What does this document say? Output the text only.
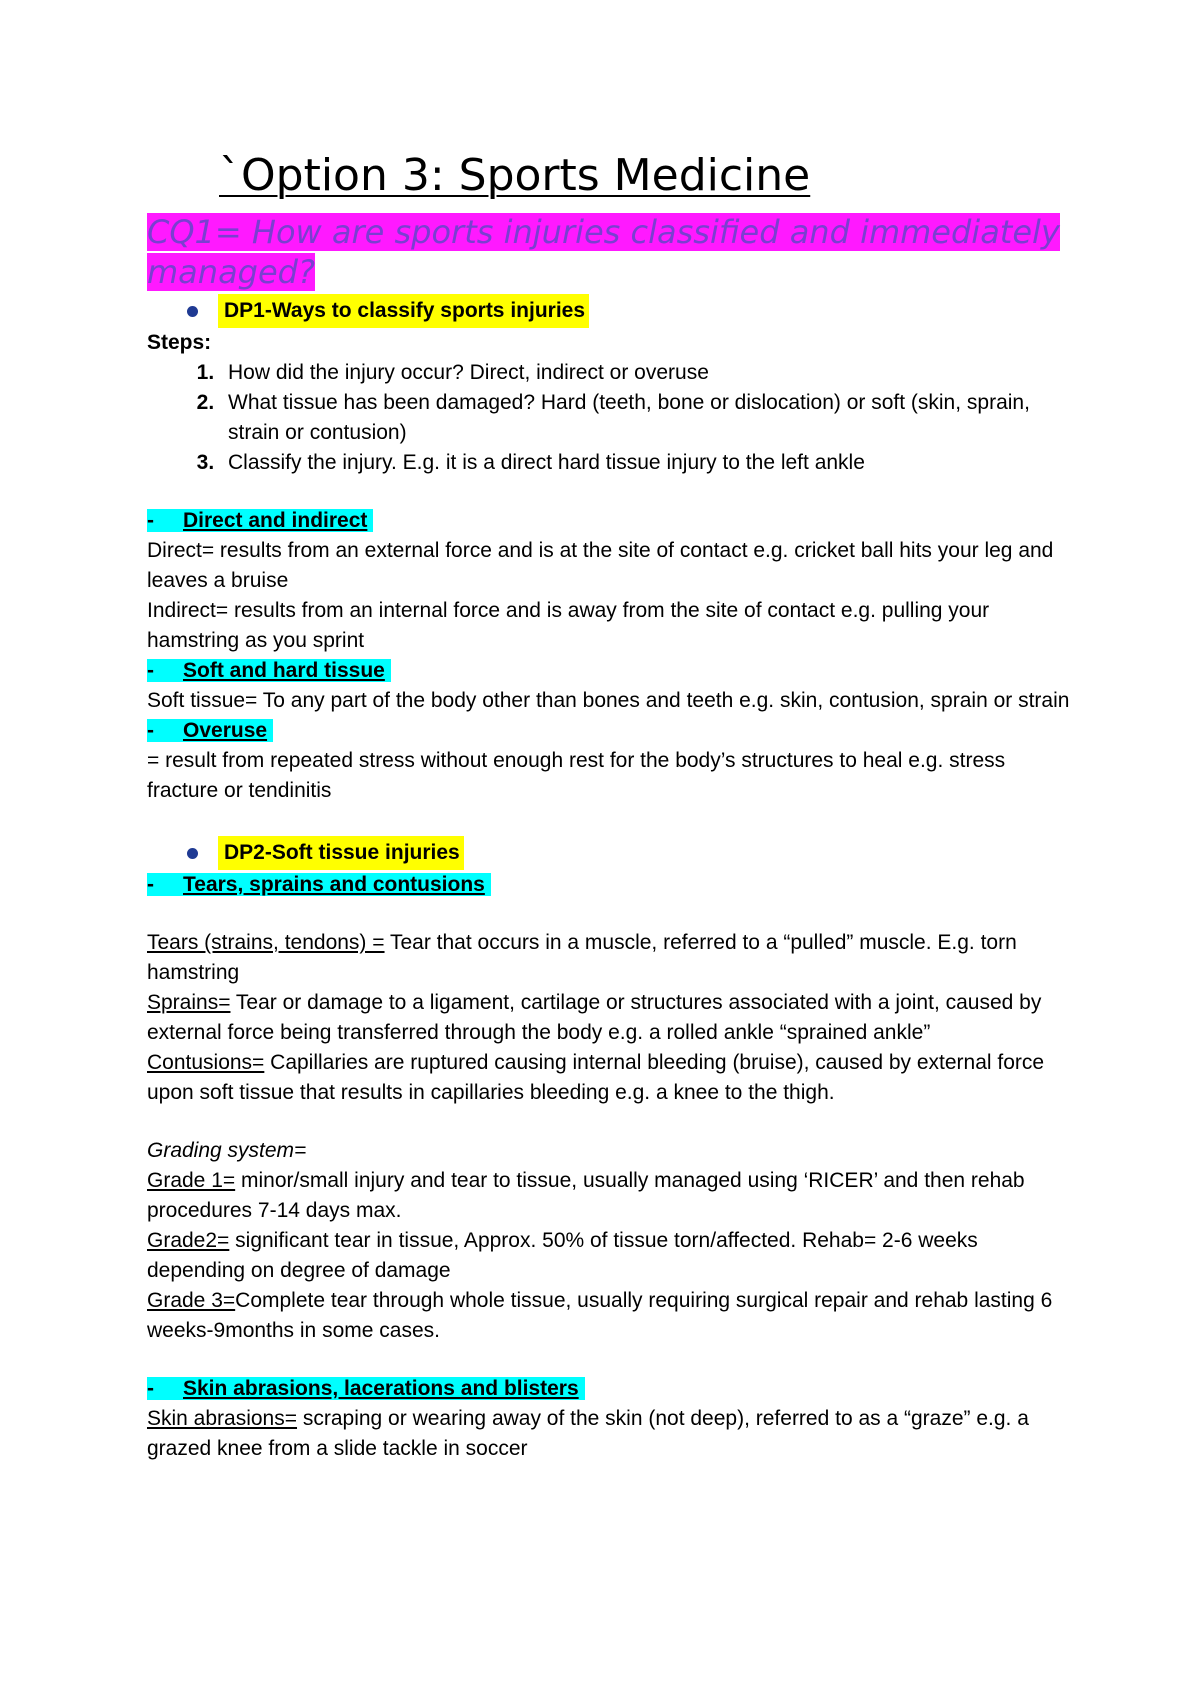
`Option 3: Sports Medicine
CQ1= How are sports injuries classified and immediately managed?
DP1-Ways to classify sports injuries

Steps:

1. How did the injury occur? Direct, indirect or overuse
2. What tissue has been damaged? Hard (teeth, bone or dislocation) or soft (skin, sprain, strain or contusion)
3. Classify the injury. E.g. it is a direct hard tissue injury to the left ankle

- Direct and indirect

Direct= results from an external force and is at the site of contact e.g. cricket ball hits your leg and leaves a bruise

Indirect= results from an internal force and is away from the site of contact e.g. pulling your hamstring as you sprint

- Soft and hard tissue

Soft tissue= To any part of the body other than bones and teeth e.g. skin, contusion, sprain or strain

- Overuse

= result from repeated stress without enough rest for the body’s structures to heal e.g. stress fracture or tendinitis

DP2-Soft tissue injuries

- Tears, sprains and contusions

Tears (strains, tendons) = Tear that occurs in a muscle, referred to a “pulled” muscle. E.g. torn hamstring

Sprains= Tear or damage to a ligament, cartilage or structures associated with a joint, caused by external force being transferred through the body e.g. a rolled ankle “sprained ankle”

Contusions= Capillaries are ruptured causing internal bleeding (bruise), caused by external force upon soft tissue that results in capillaries bleeding e.g. a knee to the thigh.

Grading system=

Grade 1= minor/small injury and tear to tissue, usually managed using ‘RICER’ and then rehab procedures 7-14 days max.

Grade2= significant tear in tissue, Approx. 50% of tissue torn/affected. Rehab= 2-6 weeks depending on degree of damage

Grade 3=Complete tear through whole tissue, usually requiring surgical repair and rehab lasting 6 weeks-9months in some cases.

- Skin abrasions, lacerations and blisters

Skin abrasions= scraping or wearing away of the skin (not deep), referred to as a “graze” e.g. a grazed knee from a slide tackle in soccer
